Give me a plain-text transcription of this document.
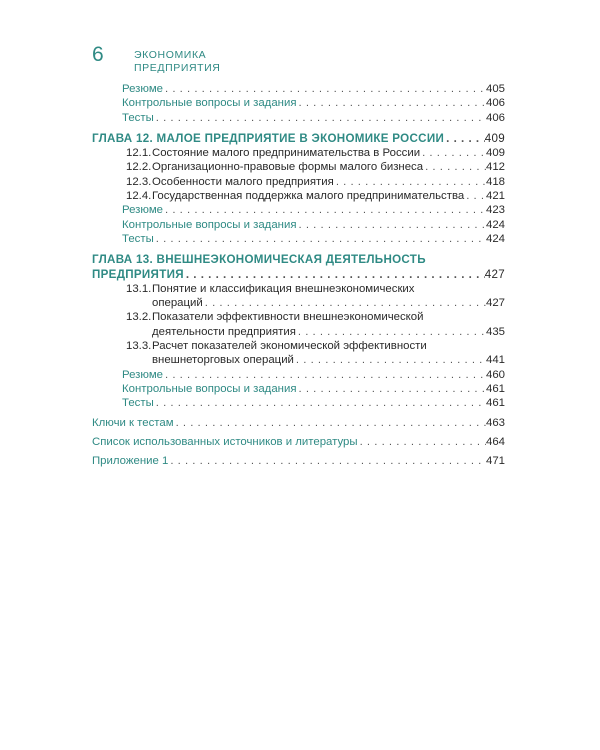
6	ЭКОНОМИКА
ПРЕДПРИЯТИЯ
Резюме . . .	405
Контрольные вопросы и задания . . .	406
Тесты . . .	406
ГЛАВА 12. МАЛОЕ ПРЕДПРИЯТИЕ В ЭКОНОМИКЕ РОССИИ . . .	409
12.1.Состояние малого предпринимательства в России . . .	409
12.2.Организационно-правовые формы малого бизнеса . . .	412
12.3.Особенности малого предприятия . . .	418
12.4.Государственная поддержка малого предпринимательства . . . 421
Резюме . . .	423
Контрольные вопросы и задания . . .	424
Тесты . . .	424
ГЛАВА 13. ВНЕШНЕЭКОНОМИЧЕСКАЯ ДЕЯТЕЛЬНОСТЬ
ПРЕДПРИЯТИЯ . . .	427
13.1.Понятие и классификация внешнеэкономических
операций . . .	427
13.2.Показатели эффективности внешнеэкономической
деятельности предприятия . . .	435
13.3.Расчет показателей экономической эффективности
внешнеторговых операций . . .	441
Резюме . . .	460
Контрольные вопросы и задания . . .	461
Тесты . . .	461
Ключи к тестам . . .	463
Список использованных источников и литературы . . .	464
Приложение 1 . . .	471
